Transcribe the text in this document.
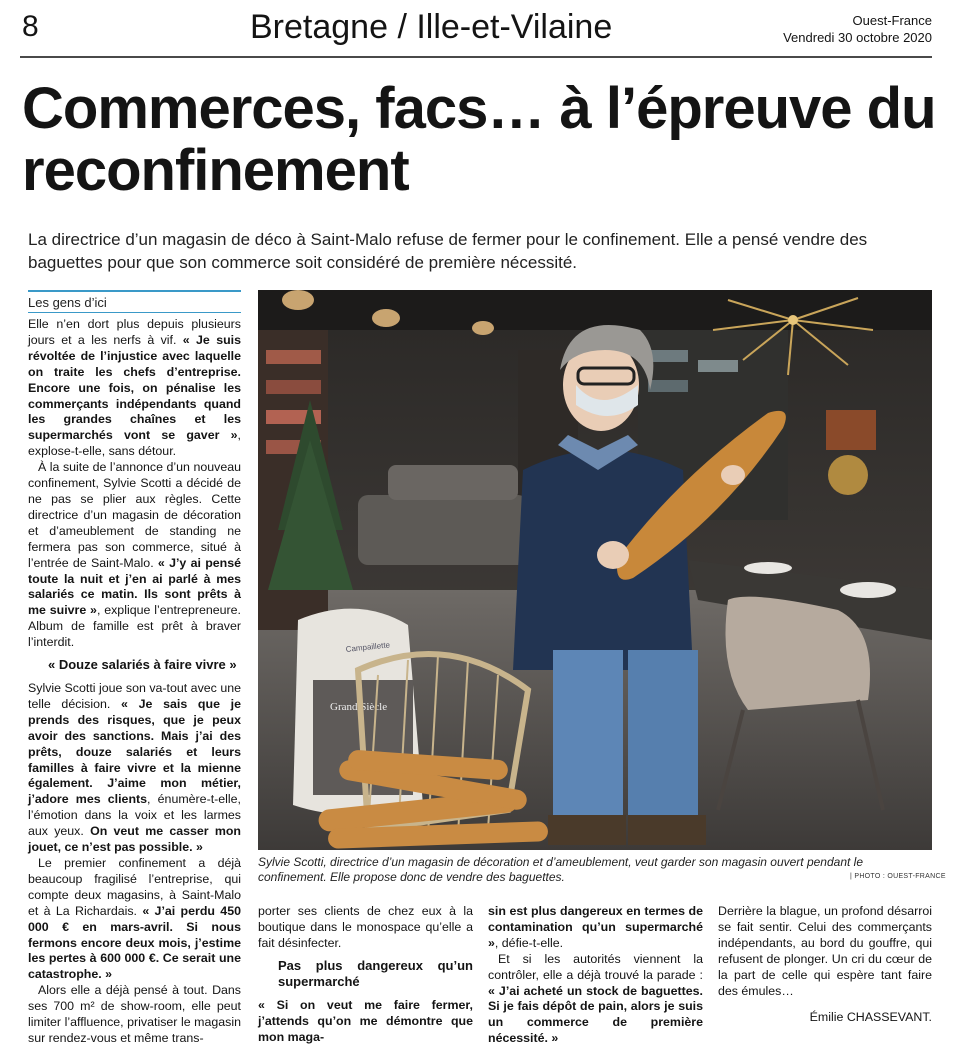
8	Bretagne / Ille-et-Vilaine	Ouest-France
Vendredi 30 octobre 2020
Commerces, facs… à l’épreuve du reconfinement
La directrice d’un magasin de déco à Saint-Malo refuse de fermer pour le confinement. Elle a pensé vendre des baguettes pour que son commerce soit considéré de première nécessité.
Les gens d’ici

Elle n’en dort plus depuis plusieurs jours et a les nerfs à vif. « Je suis révoltée de l’injustice avec laquelle on traite les chefs d’entreprise. Encore une fois, on pénalise les commerçants indépendants quand les grandes chaînes et les supermarchés vont se gaver », explose-t-elle, sans détour.

À la suite de l’annonce d’un nouveau confinement, Sylvie Scotti a décidé de ne pas se plier aux règles. Cette directrice d’un magasin de décoration et d’ameublement de standing ne fermera pas son commerce, situé à l’entrée de Saint-Malo. « J’y ai pensé toute la nuit et j’en ai parlé à mes salariés ce matin. Ils sont prêts à me suivre », explique l’entrepreneure. Album de famille est prêt à braver l’interdit.

« Douze salariés à faire vivre »

Sylvie Scotti joue son va-tout avec une telle décision. « Je sais que je prends des risques, que je peux avoir des sanctions. Mais j’ai des prêts, douze salariés et leurs familles à faire vivre et la mienne également. J’aime mon métier, j’adore mes clients, énumère-t-elle, l’émotion dans la voix et les larmes aux yeux. On veut me casser mon jouet, ce n’est pas possible. »

Le premier confinement a déjà beaucoup fragilisé l’entreprise, qui compte deux magasins, à Saint-Malo et à La Richardais. « J’ai perdu 450 000 € en mars-avril. Si nous fermons encore deux mois, j’estime les pertes à 600 000 €. Ce serait une catastrophe. »

Alors elle a déjà pensé à tout. Dans ses 700 m² de show-room, elle peut limiter l’affluence, privatiser le magasin sur rendez-vous et même trans-

Campaillette
Grand Siècle
Sylvie Scotti, directrice d’un magasin de décoration et d’ameublement, veut garder son magasin ouvert pendant le confinement. Elle propose donc de vendre des baguettes.	| PHOTO : OUEST-FRANCE

porter ses clients de chez eux à la boutique dans le monospace qu’elle a fait désinfecter.

Pas plus dangereux qu’un supermarché

« Si on veut me faire fermer, j’attends qu’on me démontre que mon maga-

sin est plus dangereux en termes de contamination qu’un supermarché », défie-t-elle.

Et si les autorités viennent la contrôler, elle a déjà trouvé la parade : « J’ai acheté un stock de baguettes. Si je fais dépôt de pain, alors je suis un commerce de première nécessité. »

Derrière la blague, un profond désarroi se fait sentir. Celui des commerçants indépendants, au bord du gouffre, qui refusent de plonger. Un cri du cœur de la part de celle qui espère tant faire des émules…

Émilie CHASSEVANT.
